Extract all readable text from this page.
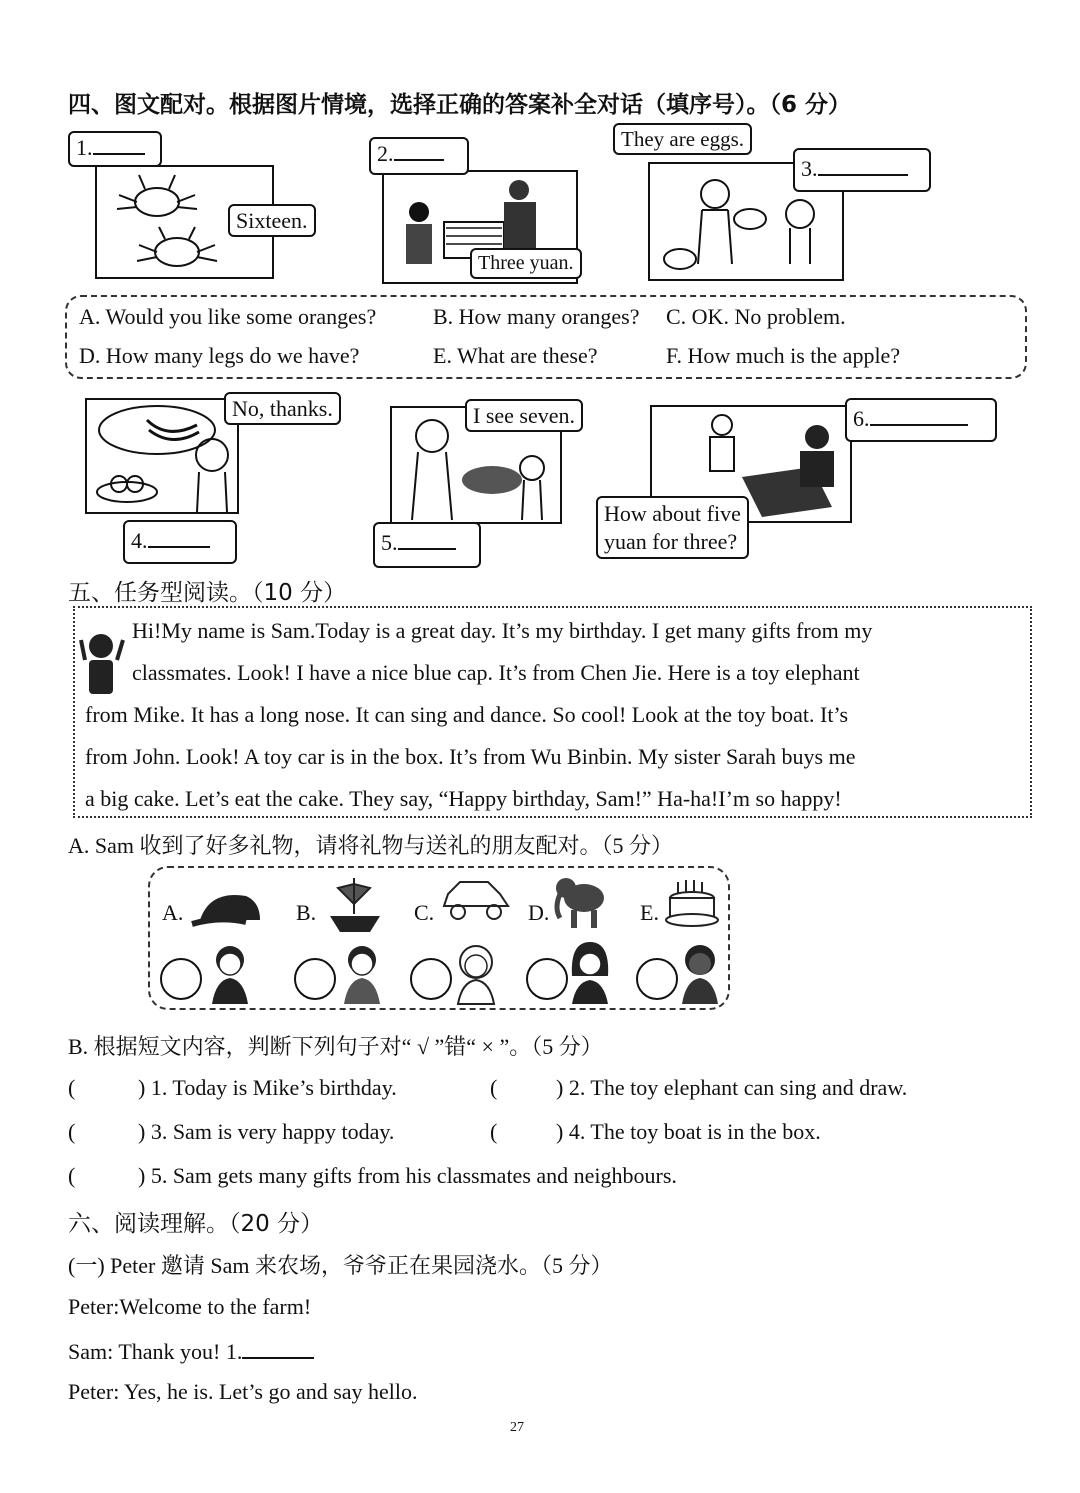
四、图文配对。根据图片情境，选择正确的答案补全对话（填序号）。（6 分）
1.
Sixteen.
2.
Three yuan.
They are eggs.
3.
A. Would you like some oranges?	B. How many oranges? C. OK. No problem.
D. How many legs do we have?	E. What are these?	F. How much is the apple?
No, thanks.
4.
I see seven.
5.
6.
How about five
yuan for three?
五、任务型阅读。（10 分）
Hi!My name is Sam.Today is a great day. It’s my birthday. I get many gifts from my
classmates. Look! I have a nice blue cap. It’s from Chen Jie. Here is a toy elephant
from Mike. It has a long nose. It can sing and dance. So cool! Look at the toy boat. It’s
from John. Look! A toy car is in the box. It’s from Wu Binbin. My sister Sarah buys me
a big cake. Let’s eat the cake. They say, “Happy birthday, Sam!” Ha-ha!I’m so happy!
A. Sam 收到了好多礼物，请将礼物与送礼的朋友配对。（5 分）
A.	B.	C.	D.	E.
B. 根据短文内容，判断下列句子对“ √ ”错“ × ”。（5 分）
(	) 1. Today is Mike’s birthday.	(	) 2. The toy elephant can sing and draw.
(	) 3. Sam is very happy today.	(	) 4. The toy boat is in the box.
(	) 5. Sam gets many gifts from his classmates and neighbours.
六、阅读理解。（20 分）
(一) Peter 邀请 Sam 来农场，爷爷正在果园浇水。（5 分）
Peter:Welcome to the farm!
Sam: Thank you! 1.
Peter: Yes, he is. Let’s go and say hello.
27
